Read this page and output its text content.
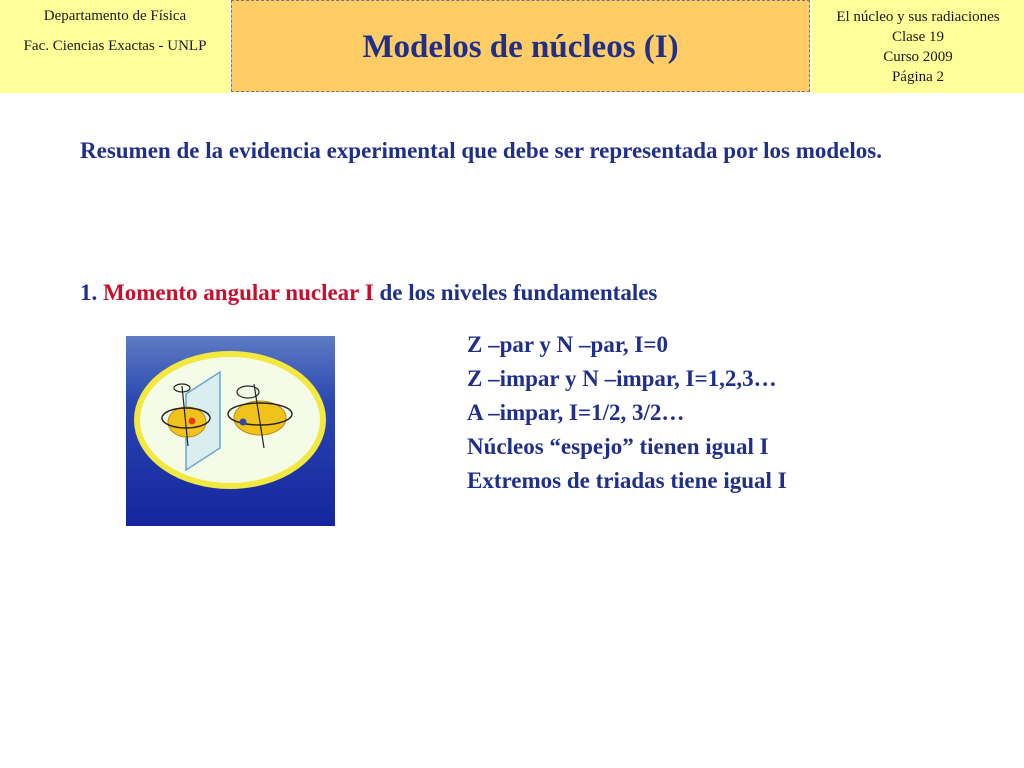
Departamento de Física
Fac. Ciencias Exactas - UNLP	Modelos de núcleos (I)
El núcleo y sus radiaciones
Clase 19
Curso 2009
Página 2
Resumen de la evidencia experimental que debe ser representada por los modelos.
1. Momento angular nuclear I de los niveles fundamentales
Z –par y N –par, I=0
Z –impar y N –impar, I=1,2,3…
A –impar, I=1/2, 3/2…
Núcleos “espejo” tienen igual I
Extremos de triadas tiene igual I
